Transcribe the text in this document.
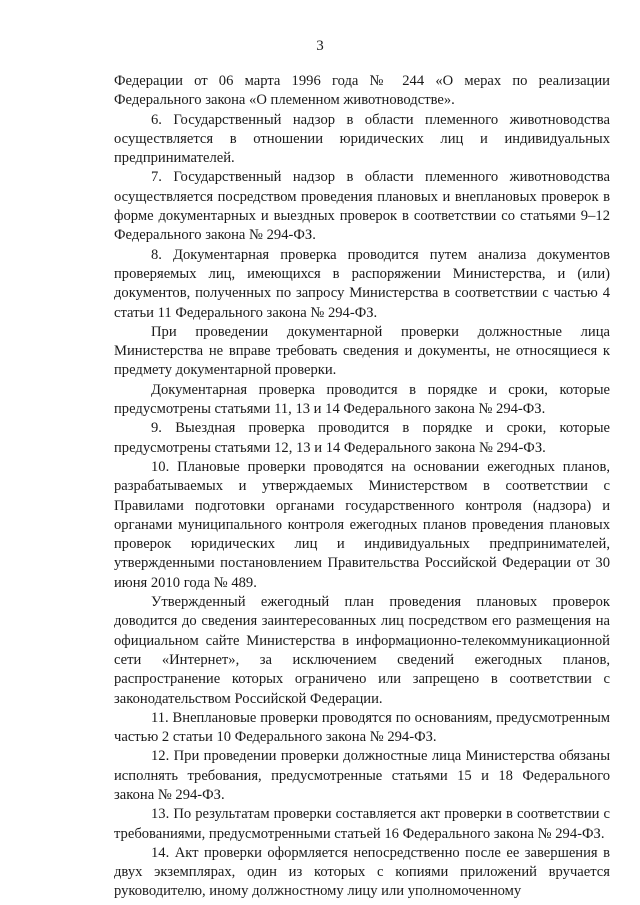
3

Федерации от 06 марта 1996 года № 244 «О мерах по реализации Федерального закона «О племенном животноводстве».

6. Государственный надзор в области племенного животноводства осуществляется в отношении юридических лиц и индивидуальных предпринимателей.

7. Государственный надзор в области племенного животноводства осуществляется посредством проведения плановых и внеплановых проверок в форме документарных и выездных проверок в соответствии со статьями 9–12 Федерального закона № 294-ФЗ.

8. Документарная проверка проводится путем анализа документов проверяемых лиц, имеющихся в распоряжении Министерства, и (или) документов, полученных по запросу Министерства в соответствии с частью 4 статьи 11 Федерального закона № 294-ФЗ.

При проведении документарной проверки должностные лица Министерства не вправе требовать сведения и документы, не относящиеся к предмету документарной проверки.

Документарная проверка проводится в порядке и сроки, которые предусмотрены статьями 11, 13 и 14 Федерального закона № 294-ФЗ.

9. Выездная проверка проводится в порядке и сроки, которые предусмотрены статьями 12, 13 и 14 Федерального закона № 294-ФЗ.

10. Плановые проверки проводятся на основании ежегодных планов, разрабатываемых и утверждаемых Министерством в соответствии с Правилами подготовки органами государственного контроля (надзора) и органами муниципального контроля ежегодных планов проведения плановых проверок юридических лиц и индивидуальных предпринимателей, утвержденными постановлением Правительства Российской Федерации от 30 июня 2010 года № 489.

Утвержденный ежегодный план проведения плановых проверок доводится до сведения заинтересованных лиц посредством его размещения на официальном сайте Министерства в информационно-телекоммуникационной сети «Интернет», за исключением сведений ежегодных планов, распространение которых ограничено или запрещено в соответствии с законодательством Российской Федерации.

11. Внеплановые проверки проводятся по основаниям, предусмотренным частью 2 статьи 10 Федерального закона № 294-ФЗ.

12. При проведении проверки должностные лица Министерства обязаны исполнять требования, предусмотренные статьями 15 и 18 Федерального закона № 294-ФЗ.

13. По результатам проверки составляется акт проверки в соответствии с требованиями, предусмотренными статьей 16 Федерального закона № 294-ФЗ.

14. Акт проверки оформляется непосредственно после ее завершения в двух экземплярах, один из которых с копиями приложений вручается руководителю, иному должностному лицу или уполномоченному
